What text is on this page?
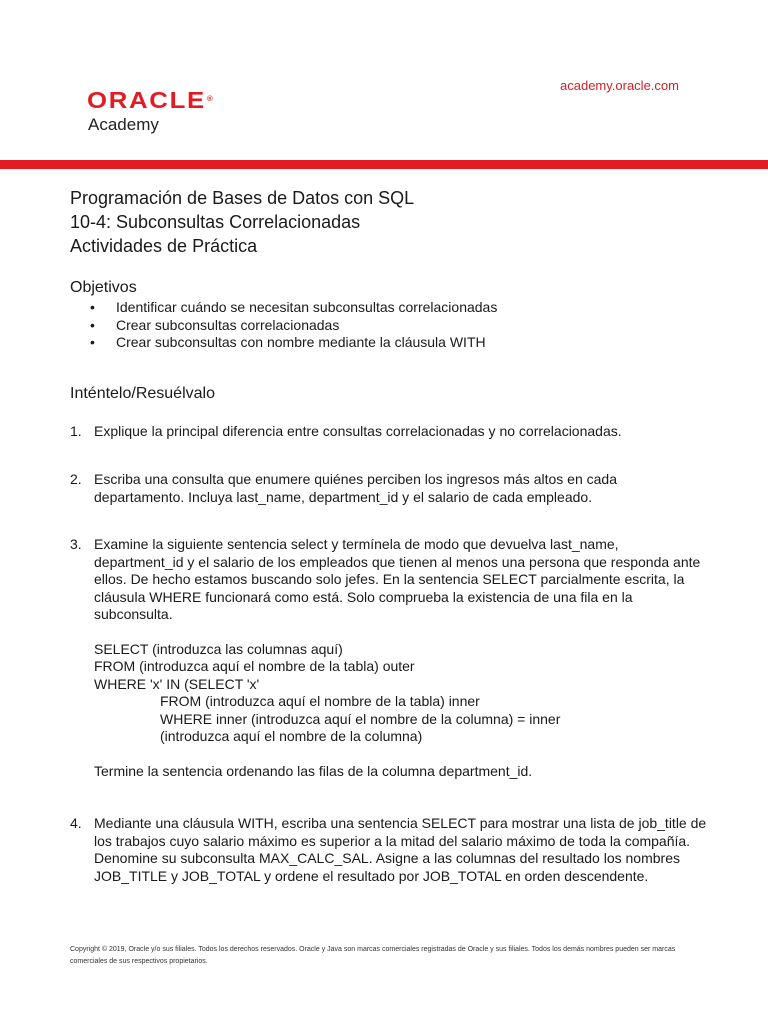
ORACLE®
Academy
academy.oracle.com
Programación de Bases de Datos con SQL
10-4: Subconsultas Correlacionadas
Actividades de Práctica
Objetivos
• Identificar cuándo se necesitan subconsultas correlacionadas
• Crear subconsultas correlacionadas
• Crear subconsultas con nombre mediante la cláusula WITH
Inténtelo/Resuélvalo
1. Explique la principal diferencia entre consultas correlacionadas y no correlacionadas.

2. Escriba una consulta que enumere quiénes perciben los ingresos más altos en cada departamento. Incluya last_name, department_id y el salario de cada empleado.

3. Examine la siguiente sentencia select y termínela de modo que devuelva last_name, department_id y el salario de los empleados que tienen al menos una persona que responda ante ellos. De hecho estamos buscando solo jefes. En la sentencia SELECT parcialmente escrita, la cláusula WHERE funcionará como está. Solo comprueba la existencia de una fila en la subconsulta.

SELECT (introduzca las columnas aquí)
FROM (introduzca aquí el nombre de la tabla) outer
WHERE 'x' IN (SELECT 'x'
FROM (introduzca aquí el nombre de la tabla) inner
WHERE inner (introduzca aquí el nombre de la columna) = inner
(introduzca aquí el nombre de la columna)

Termine la sentencia ordenando las filas de la columna department_id.

4. Mediante una cláusula WITH, escriba una sentencia SELECT para mostrar una lista de job_title de los trabajos cuyo salario máximo es superior a la mitad del salario máximo de toda la compañía. Denomine su subconsulta MAX_CALC_SAL. Asigne a las columnas del resultado los nombres JOB_TITLE y JOB_TOTAL y ordene el resultado por JOB_TOTAL en orden descendente.

Copyright © 2019, Oracle y/o sus filiales. Todos los derechos reservados. Oracle y Java son marcas comerciales registradas de Oracle y sus filiales. Todos los demás nombres pueden ser marcas comerciales de sus respectivos propietarios.
